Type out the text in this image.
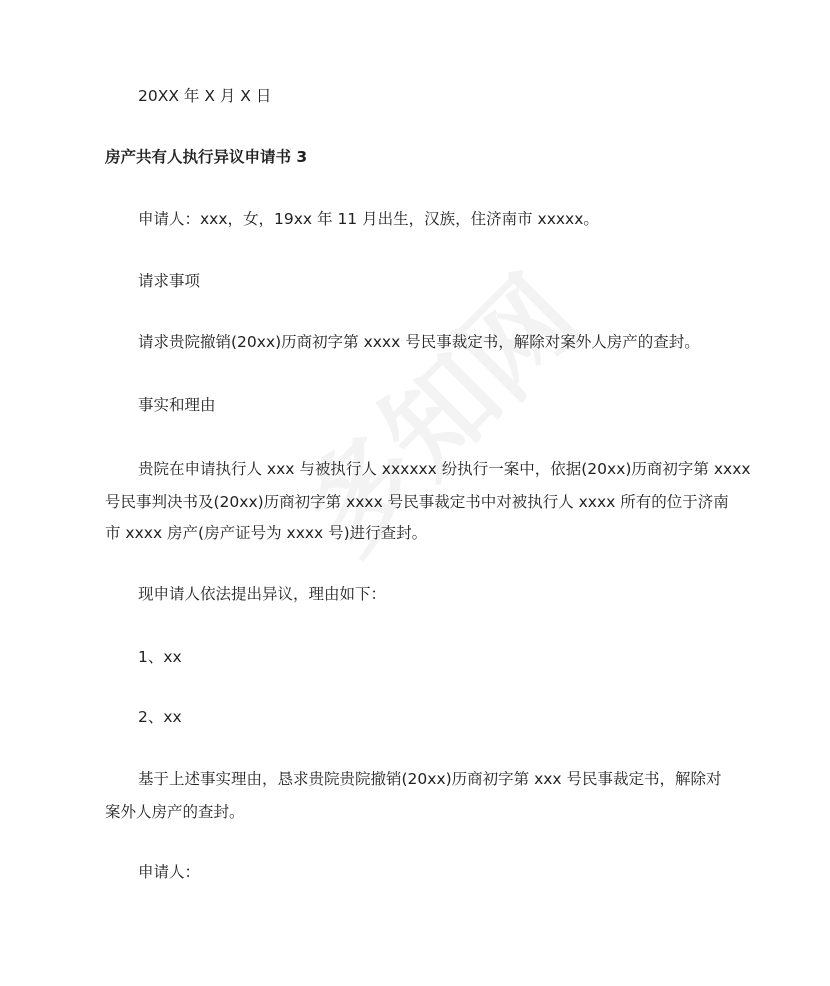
20XX 年 X 月 X 日
房产共有人执行异议申请书 3
申请人：xxx，女，19xx 年 11 月出生，汉族，住济南市 xxxxx。
请求事项
请求贵院撤销(20xx)历商初字第 xxxx 号民事裁定书，解除对案外人房产的查封。
事实和理由
贵院在申请执行人 xxx 与被执行人 xxxxxx 纷执行一案中，依据(20xx)历商初字第 xxxx
号民事判决书及(20xx)历商初字第 xxxx 号民事裁定书中对被执行人 xxxx 所有的位于济南
市 xxxx 房产(房产证号为 xxxx 号)进行查封。
现申请人依法提出异议，理由如下：
1、xx
2、xx
基于上述事实理由，恳求贵院贵院撤销(20xx)历商初字第 xxx 号民事裁定书，解除对
案外人房产的查封。
申请人：
